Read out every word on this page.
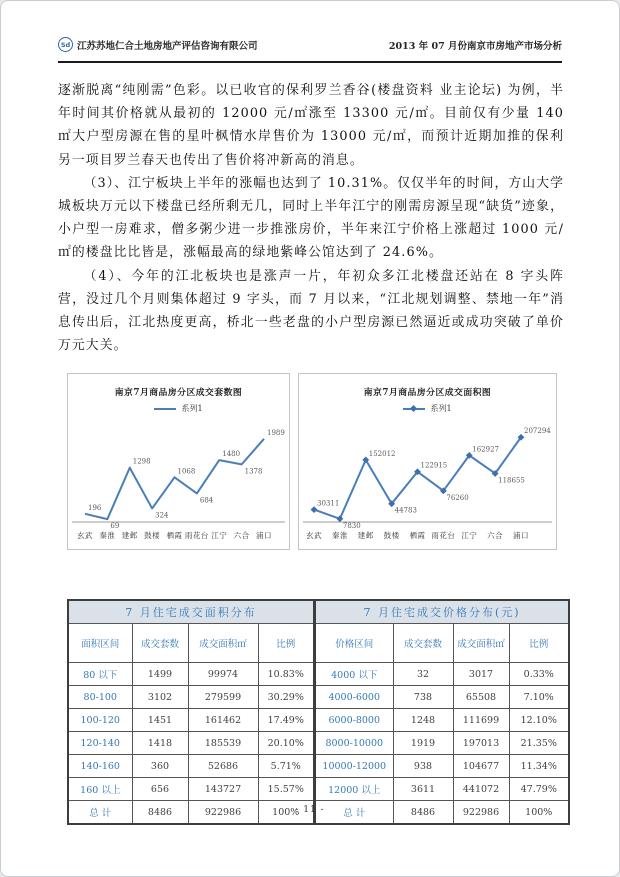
Sd 江苏苏地仁合土地房地产评估咨询有限公司	2013 年 07 月份南京市房地产市场分析

逐渐脱离“纯刚需”色彩。以已收官的保利罗兰香谷(楼盘资料 业主论坛) 为例，半年时间其价格就从最初的 12000 元/㎡涨至 13300 元/㎡。目前仅有少量 140 ㎡大户型房源在售的星叶枫情水岸售价为 13000 元/㎡，而预计近期加推的保利另一项目罗兰春天也传出了售价将冲新高的消息。

（3）、江宁板块上半年的涨幅也达到了 10.31%。仅仅半年的时间，方山大学城板块万元以下楼盘已经所剩无几，同时上半年江宁的刚需房源呈现“缺货”迹象，小户型一房难求，僧多粥少进一步推涨房价，半年来江宁价格上涨超过 1000 元/㎡的楼盘比比皆是，涨幅最高的绿地紫峰公馆达到了 24.6%。

（4）、今年的江北板块也是涨声一片，年初众多江北楼盘还站在 8 字头阵营，没过几个月则集体超过 9 字头，而 7 月以来，“江北规划调整、禁地一年”消息传出后，江北热度更高，桥北一些老盘的小户型房源已然逼近或成功突破了单价万元大关。

南京7月商品房分区成交套数图
系列1
196
玄武
69
秦淮
1298
建邺
324
鼓楼
1068
栖霞
684
雨花台
1480
江宁
1378
六合
1989
浦口
南京7月商品房分区成交面积图
系列1
30311
玄武
7830
秦淮
152012
建邺
44783
鼓楼
122915
栖霞
76260
雨花台
162927
江宁
118655
六合
207294
浦口
7 月住宅成交面积分布			
面积区间	成交套数	成交面积㎡	比例
80 以下	1499	99974	10.83%
80-100	3102	279599	30.29%
100-120	1451	161462	17.49%
120-140	1418	185539	20.10%
140-160	360	52686	5.71%
160 以上	656	143727	15.57%
总 计	8486	922986	100%
7 月住宅成交价格分布(元)			
价格区间	成交套数	成交面积㎡	比例
4000 以下	32	3017	0.33%
4000-6000	738	65508	7.10%
6000-8000	1248	111699	12.10%
8000-10000	1919	197013	21.35%
10000-12000	938	104677	11.34%
12000 以上	3611	441072	47.79%
总 计	8486	922986	100%
- 11 -
